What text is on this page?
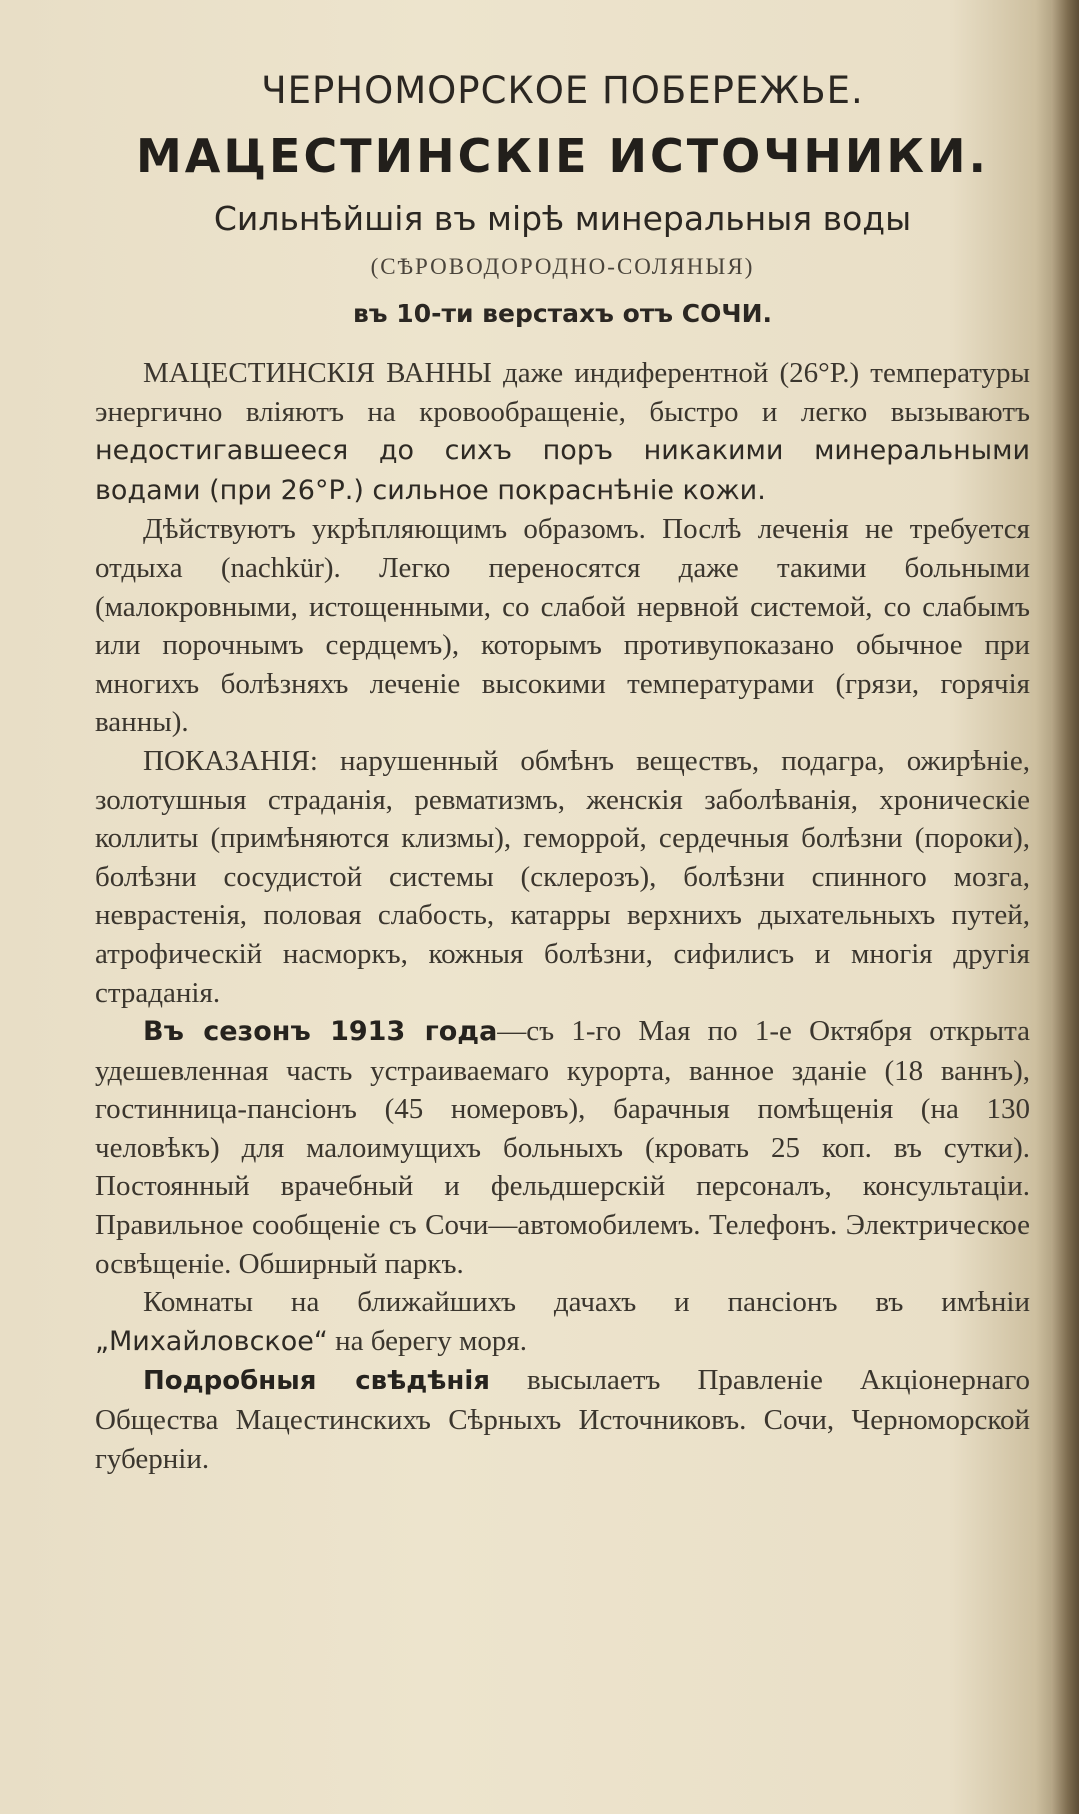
ЧЕРНОМОРСКОЕ ПОБЕРЕЖЬЕ.
МАЦЕСТИНСКІЕ ИСТОЧНИКИ.
Сильнѣйшія въ мірѣ минеральныя воды
(СѢРОВОДОРОДНО-СОЛЯНЫЯ)
въ 10-ти верстахъ отъ СОЧИ.

МАЦЕСТИНСКІЯ ВАННЫ даже индиферентной (26°Р.) температуры энергично вліяютъ на кровообращеніе, быстро и легко вызываютъ недостигавшееся до сихъ поръ никакими минеральными водами (при 26°Р.) сильное покраснѣніе кожи.

Дѣйствуютъ укрѣпляющимъ образомъ. Послѣ леченія не требуется отдыха (nachkür). Легко переносятся даже такими больными (малокровными, истощенными, со слабой нервной системой, со слабымъ или порочнымъ сердцемъ), которымъ противупоказано обычное при многихъ болѣзняхъ леченіе высокими температурами (грязи, горячія ванны).

ПОКАЗАНІЯ: нарушенный обмѣнъ веществъ, подагра, ожирѣніе, золотушныя страданія, ревматизмъ, женскія заболѣванія, хроническіе коллиты (примѣняются клизмы), геморрой, сердечныя болѣзни (пороки), болѣзни сосудистой системы (склерозъ), болѣзни спинного мозга, неврастенія, половая слабость, катарры верхнихъ дыхательныхъ путей, атрофическій насморкъ, кожныя болѣзни, сифилисъ и многія другія страданія.

Въ сезонъ 1913 года—съ 1-го Мая по 1-е Октября открыта удешевленная часть устраиваемаго курорта, ванное зданіе (18 ваннъ), гостинница-пансіонъ (45 номеровъ), барачныя помѣщенія (на 130 человѣкъ) для малоимущихъ больныхъ (кровать 25 коп. въ сутки). Постоянный врачебный и фельдшерскій персоналъ, консультаціи. Правильное сообщеніе съ Сочи—автомобилемъ. Телефонъ. Электрическое освѣщеніе. Обширный паркъ.

Комнаты на ближайшихъ дачахъ и пансіонъ въ имѣніи „Михайловское“ на берегу моря.

Подробныя свѣдѣнія высылаетъ Правленіе Акціонернаго Общества Мацестинскихъ Сѣрныхъ Источниковъ. Сочи, Черноморской губерніи.
